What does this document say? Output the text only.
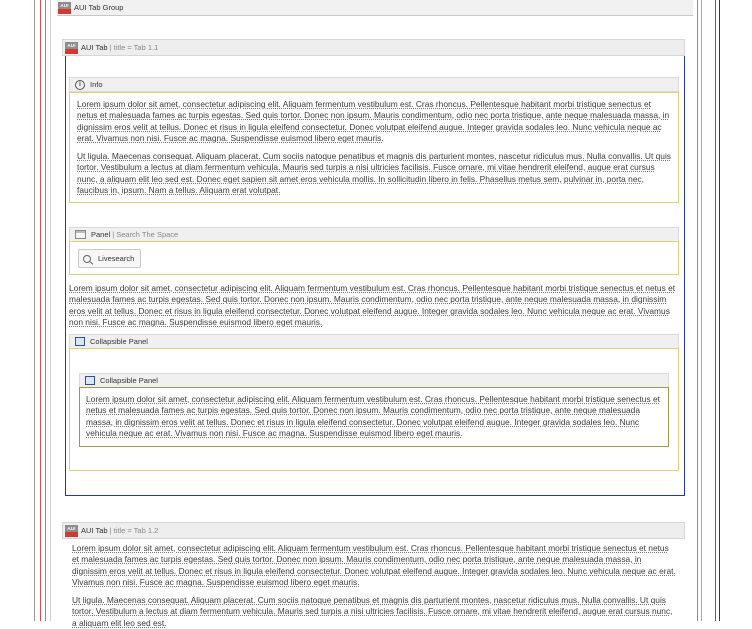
AUI AUI Tab Group
AUI AUI Tab | title = Tab 1.1
i	Info

Lorem ipsum dolor sit amet, consectetur adipiscing elit. Aliquam fermentum vestibulum est. Cras rhoncus. Pellentesque habitant morbi tristique senectus et netus et malesuada fames ac turpis egestas. Sed quis tortor. Donec non ipsum. Mauris condimentum, odio nec porta tristique, ante neque malesuada massa, in dignissim eros velit at tellus. Donec et risus in ligula eleifend consectetur. Donec volutpat eleifend augue. Integer gravida sodales leo. Nunc vehicula neque ac erat. Vivamus non nisi. Fusce ac magna. Suspendisse euismod libero eget mauris.

Ut ligula. Maecenas consequat. Aliquam placerat. Cum sociis natoque penatibus et magnis dis parturient montes, nascetur ridiculus mus. Nulla convallis. Ut quis tortor. Vestibulum a lectus at diam fermentum vehicula. Mauris sed turpis a nisi ultricies facilisis. Fusce ornare, mi vitae hendrerit eleifend, augue erat cursus nunc, a aliquam elit leo sed est. Donec eget sapien sit amet eros vehicula mollis. In sollicitudin libero in felis. Phasellus metus sem, pulvinar in, porta nec, faucibus in, ipsum. Nam a tellus. Aliquam erat volutpat.

Panel | Search The Space
Livesearch
Lorem ipsum dolor sit amet, consectetur adipiscing elit. Aliquam fermentum vestibulum est. Cras rhoncus. Pellentesque habitant morbi tristique senectus et netus et malesuada fames ac turpis egestas. Sed quis tortor. Donec non ipsum. Mauris condimentum, odio nec porta tristique, ante neque malesuada massa, in dignissim eros velit at tellus. Donec et risus in ligula eleifend consectetur. Donec volutpat eleifend augue. Integer gravida sodales leo. Nunc vehicula neque ac erat. Vivamus non nisi. Fusce ac magna. Suspendisse euismod libero eget mauris.
Collapsible Panel
Collapsible Panel
Lorem ipsum dolor sit amet, consectetur adipiscing elit. Aliquam fermentum vestibulum est. Cras rhoncus. Pellentesque habitant morbi tristique senectus et netus et malesuada fames ac turpis egestas. Sed quis tortor. Donec non ipsum. Mauris condimentum, odio nec porta tristique, ante neque malesuada massa, in dignissim eros velit at tellus. Donec et risus in ligula eleifend consectetur. Donec volutpat eleifend augue. Integer gravida sodales leo. Nunc vehicula neque ac erat. Vivamus non nisi. Fusce ac magna. Suspendisse euismod libero eget mauris.
AUI AUI Tab | title = Tab 1.2

Lorem ipsum dolor sit amet, consectetur adipiscing elit. Aliquam fermentum vestibulum est. Cras rhoncus. Pellentesque habitant morbi tristique senectus et netus et malesuada fames ac turpis egestas. Sed quis tortor. Donec non ipsum. Mauris condimentum, odio nec porta tristique, ante neque malesuada massa, in dignissim eros velit at tellus. Donec et risus in ligula eleifend consectetur. Donec volutpat eleifend augue. Integer gravida sodales leo. Nunc vehicula neque ac erat. Vivamus non nisi. Fusce ac magna. Suspendisse euismod libero eget mauris.

Ut ligula. Maecenas consequat. Aliquam placerat. Cum sociis natoque penatibus et magnis dis parturient montes, nascetur ridiculus mus. Nulla convallis. Ut quis tortor. Vestibulum a lectus at diam fermentum vehicula. Mauris sed turpis a nisi ultricies facilisis. Fusce ornare, mi vitae hendrerit eleifend, augue erat cursus nunc, a aliquam elit leo sed est.
